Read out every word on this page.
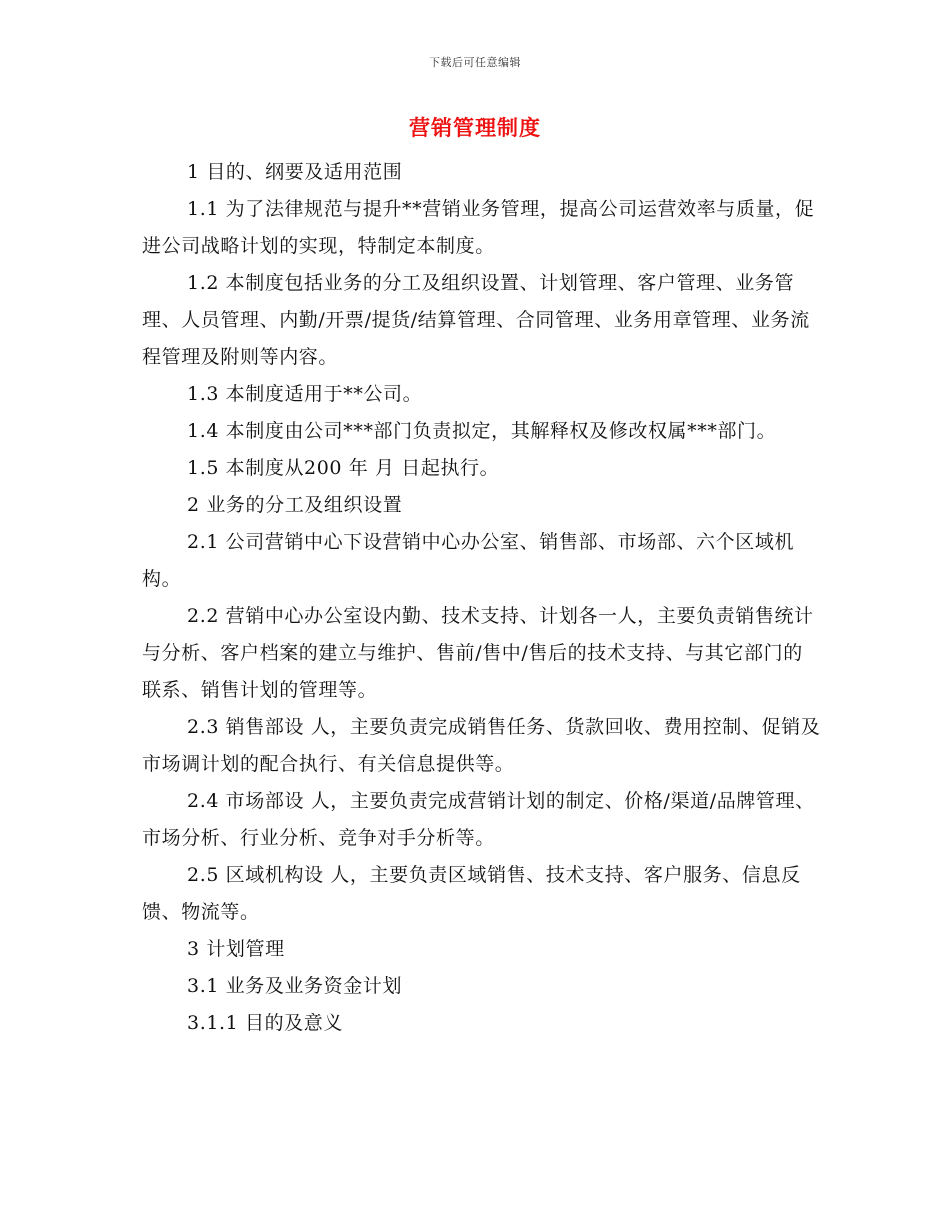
下载后可任意编辑
营销管理制度

1 目的、纲要及适用范围

1.1 为了法律规范与提升**营销业务管理，提高公司运营效率与质量，促进公司战略计划的实现，特制定本制度。

1.2 本制度包括业务的分工及组织设置、计划管理、客户管理、业务管理、人员管理、内勤/开票/提货/结算管理、合同管理、业务用章管理、业务流程管理及附则等内容。

1.3 本制度适用于**公司。

1.4 本制度由公司***部门负责拟定，其解释权及修改权属***部门。

1.5 本制度从200 年 月 日起执行。

2 业务的分工及组织设置

2.1 公司营销中心下设营销中心办公室、销售部、市场部、六个区域机构。

2.2 营销中心办公室设内勤、技术支持、计划各一人，主要负责销售统计与分析、客户档案的建立与维护、售前/售中/售后的技术支持、与其它部门的联系、销售计划的管理等。

2.3 销售部设 人，主要负责完成销售任务、货款回收、费用控制、促销及市场调计划的配合执行、有关信息提供等。

2.4 市场部设 人，主要负责完成营销计划的制定、价格/渠道/品牌管理、市场分析、行业分析、竞争对手分析等。

2.5 区域机构设 人，主要负责区域销售、技术支持、客户服务、信息反馈、物流等。

3 计划管理

3.1 业务及业务资金计划

3.1.1 目的及意义
